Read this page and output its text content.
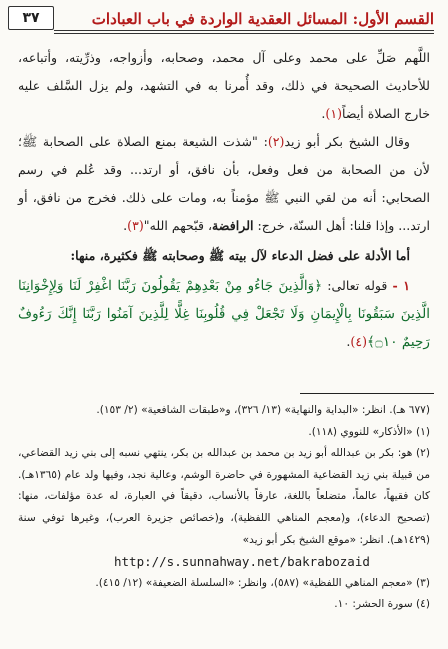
القسم الأول: المسائل العقدية الواردة في باب العبادات
٣٧

اللَّهم صَلِّ على محمد وعلى آل محمد، وصحابه، وأزواجه، وذرِّيته، وأتباعه، للأحاديث الصحيحة في ذلك، وقد أُمرنا به في التشهد، ولم يزل السَّلف عليه خارج الصلاة أيضاً(١).

وقال الشيخ بكر أبو زيد(٢): "شذت الشيعة بمنع الصلاة على الصحابة ﷺ؛ لأن من الصحابة من فعل وفعل، بأن نافق، أو ارتد... وقد عُلم في رسم الصحابي: أنه من لقي النبي ﷺ مؤمناً به، ومات على ذلك. فخرج من نافق، أو ارتد... وإذا قلنا: أهل السنّة، خرج: الرافضة، قبّحهم الله"(٣).

أما الأدلة على فضل الدعاء لآل بيته ﷺ وصحابته ﷺ فكثيرة، منها:

١ - قوله تعالى: ﴿وَالَّذِينَ جَاءُو مِنْ بَعْدِهِمْ يَقُولُونَ رَبَّنَا اغْفِرْ لَنَا وَلِإِخْوَانِنَا الَّذِينَ سَبَقُونَا بِالْإِيمَانِ وَلَا تَجْعَلْ فِي قُلُوبِنَا غِلًّا لِلَّذِينَ آمَنُوا رَبَّنَا إِنَّكَ رَءُوفٌ رَحِيمٌ ۝١٠﴾(٤).

(٦٧٧ هـ). انظر: «البداية والنهاية» (١٣/ ٣٢٦)، و«طبقات الشافعية» (٢/ ١٥٣).

(١) «الأذكار» للنووي (١١٨).

(٢) هو: بكر بن عبدالله أبو زيد بن محمد بن عبدالله بن بكر، ينتهي نسبه إلى بني زيد القضاعي، من قبيلة بني زيد القضاعية المشهورة في حاضرة الوشم، وعالية نجد، وفيها ولد عام (١٣٦٥هـ). كان فقيهاً، عالماً، متضلعاً باللغة، عارفاً بالأنساب، دقيقاً في العبارة، له عدة مؤلفات، منها: (تصحيح الدعاء)، و(معجم المناهي اللفظية)، و(خصائص جزيرة العرب)، وغيرها توفي سنة (١٤٢٩هـ). انظر: «موقع الشيخ بكر أبو زيد»

http://s.sunnahway.net/bakrabozaid

(٣) «معجم المناهي اللفظية» (٥٨٧)، وانظر: «السلسلة الضعيفة» (١٢/ ٤١٥).

(٤) سورة الحشر: ١٠.
